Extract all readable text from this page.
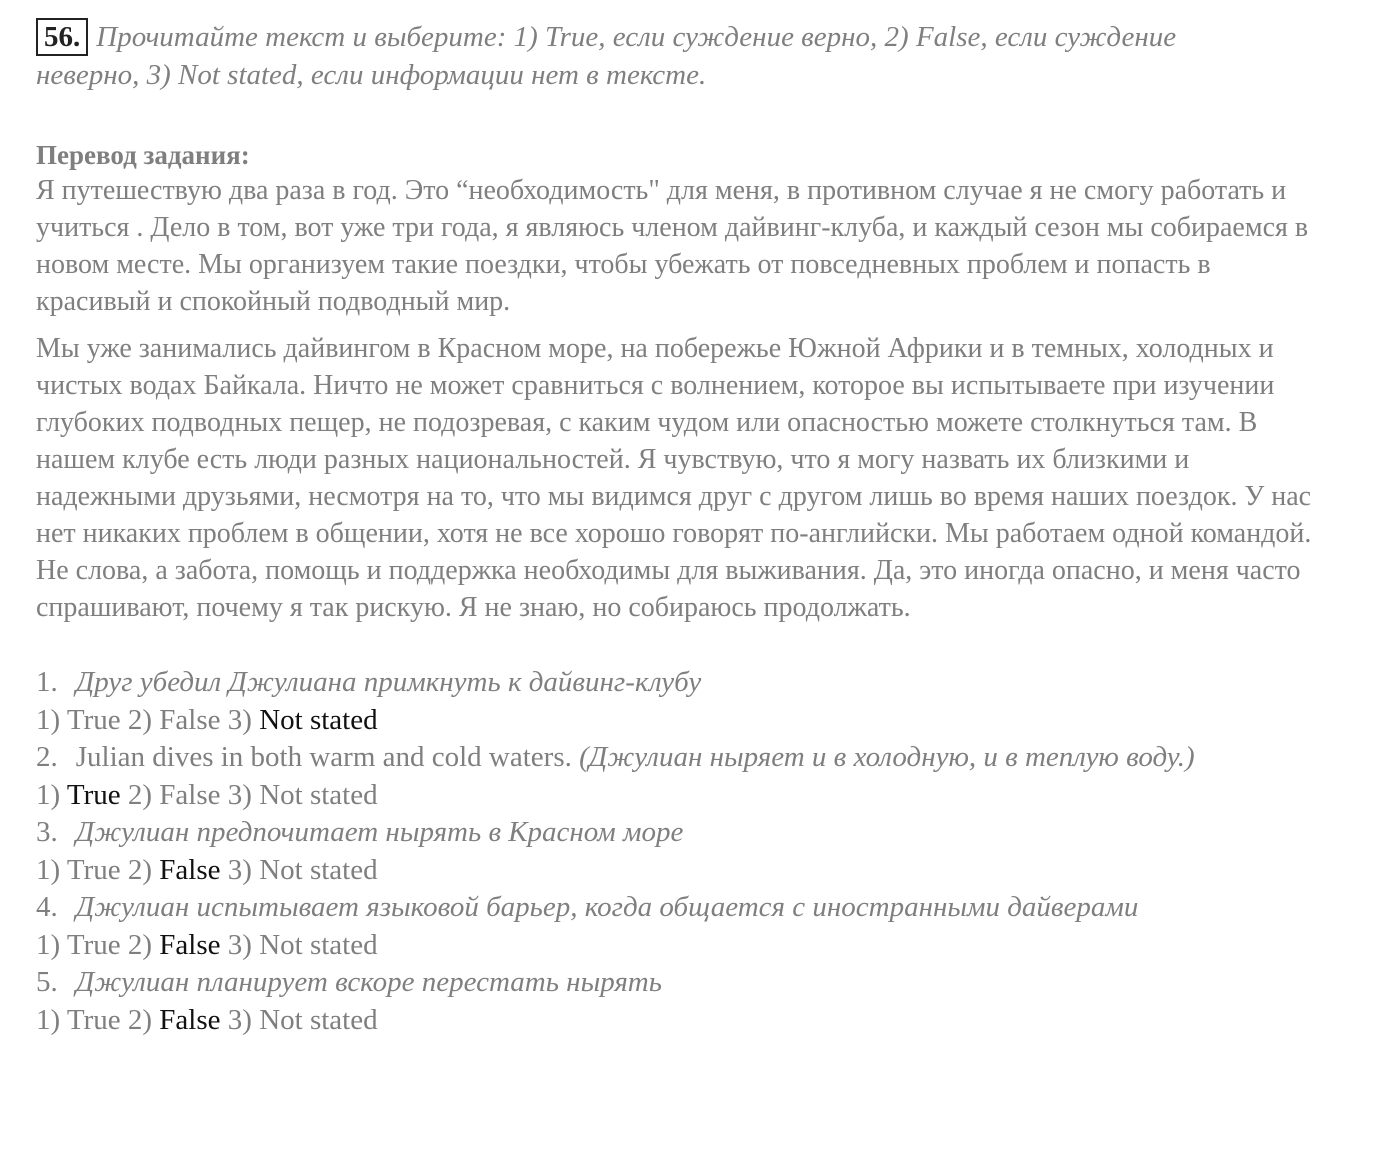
56. Прочитайте текст и выберите: 1) True, если суждение верно, 2) False, если суждение неверно, 3) Not stated, если информации нет в тексте.
Перевод задания:

Я путешествую два раза в год. Это “необходимость" для меня, в противном случае я не смогу работать и учиться . Дело в том, вот уже три года, я являюсь членом дайвинг-клуба, и каждый сезон мы собираемся в новом месте. Мы организуем такие поездки, чтобы убежать от повседневных проблем и попасть в красивый и спокойный подводный мир.

Мы уже занимались дайвингом в Красном море, на побережье Южной Африки и в темных, холодных и чистых водах Байкала. Ничто не может сравниться с волнением, которое вы испытываете при изучении глубоких подводных пещер, не подозревая, с каким чудом или опасностью можете столкнуться там. В нашем клубе есть люди разных национальностей. Я чувствую, что я могу назвать их близкими и надежными друзьями, несмотря на то, что мы видимся друг с другом лишь во время наших поездок. У нас нет никаких проблем в общении, хотя не все хорошо говорят по-английски. Мы работаем одной командой. Не слова, а забота, помощь и поддержка необходимы для выживания. Да, это иногда опасно, и меня часто спрашивают, почему я так рискую. Я не знаю, но собираюсь продолжать.

1. Друг убедил Джулиана примкнуть к дайвинг-клубу
1) True 2) False 3) Not stated
2. Julian dives in both warm and cold waters. (Джулиан ныряет и в холодную, и в теплую воду.)
1) True 2) False 3) Not stated
3. Джулиан предпочитает нырять в Красном море
1) True 2) False 3) Not stated
4. Джулиан испытывает языковой барьер, когда общается с иностранными дайверами
1) True 2) False 3) Not stated
5. Джулиан планирует вскоре перестать нырять
1) True 2) False 3) Not stated
